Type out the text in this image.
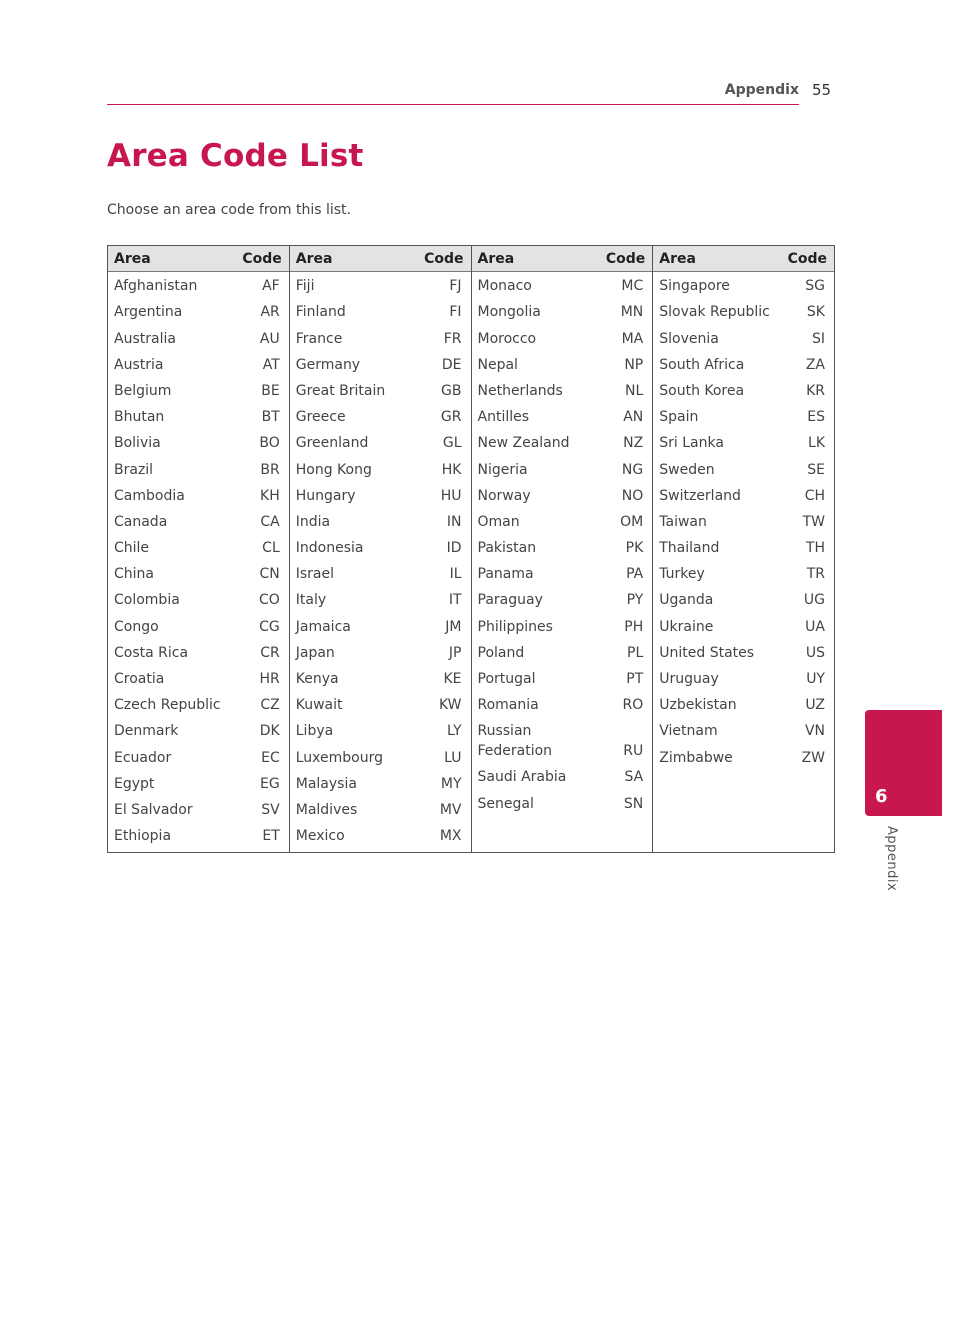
Appendix 55
Area Code List
Choose an area code from this list.
Area	Code
Afghanistan	AF
Argentina	AR
Australia	AU
Austria	AT
Belgium	BE
Bhutan	BT
Bolivia	BO
Brazil	BR
Cambodia	KH
Canada	CA
Chile	CL
China	CN
Colombia	CO
Congo	CG
Costa Rica	CR
Croatia	HR
Czech Republic	CZ
Denmark	DK
Ecuador	EC
Egypt	EG
El Salvador	SV
Ethiopia	ET
Area	Code
Fiji	FJ
Finland	FI
France	FR
Germany	DE
Great Britain	GB
Greece	GR
Greenland	GL
Hong Kong	HK
Hungary	HU
India	IN
Indonesia	ID
Israel	IL
Italy	IT
Jamaica	JM
Japan	JP
Kenya	KE
Kuwait	KW
Libya	LY
Luxembourg	LU
Malaysia	MY
Maldives	MV
Mexico	MX
Area	Code
Monaco	MC
Mongolia	MN
Morocco	MA
Nepal	NP
Netherlands	NL
Antilles	AN
New Zealand	NZ
Nigeria	NG
Norway	NO
Oman	OM
Pakistan	PK
Panama	PA
Paraguay	PY
Philippines	PH
Poland	PL
Portugal	PT
Romania	RO
Russian Federation	RU
Saudi Arabia	SA
Senegal	SN
Area	Code
Singapore	SG
Slovak Republic	SK
Slovenia	SI
South Africa	ZA
South Korea	KR
Spain	ES
Sri Lanka	LK
Sweden	SE
Switzerland	CH
Taiwan	TW
Thailand	TH
Turkey	TR
Uganda	UG
Ukraine	UA
United States	US
Uruguay	UY
Uzbekistan	UZ
Vietnam	VN
Zimbabwe	ZW
6
Appendix
